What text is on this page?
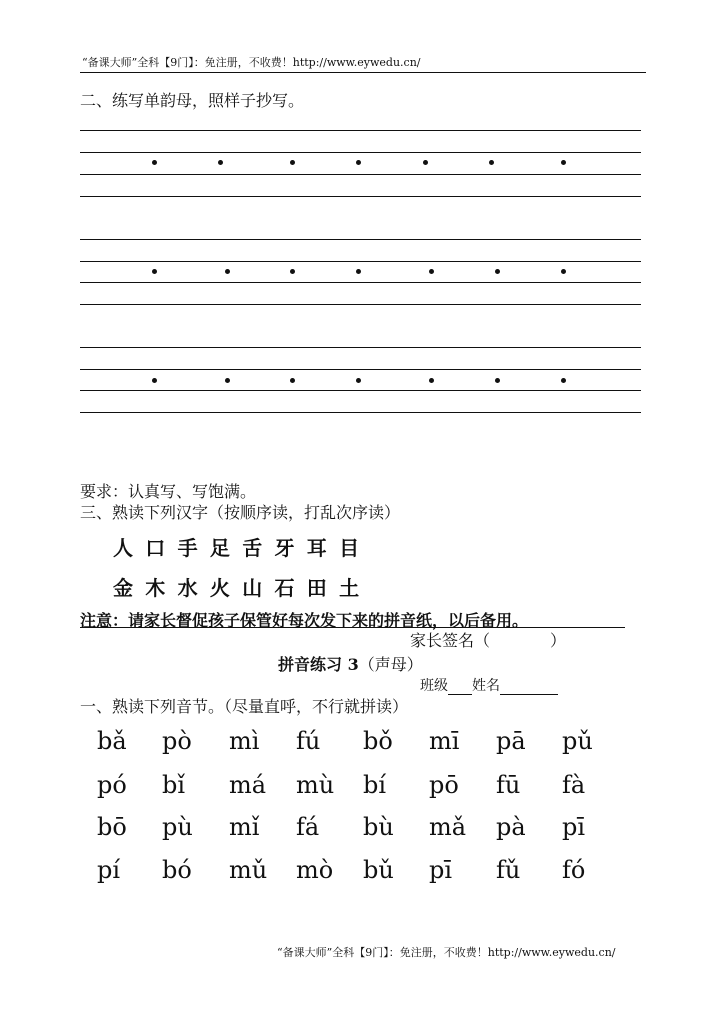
“备课大师”全科【9门】：免注册，不收费！http://www.eywedu.cn/
二、练写单韵母，照样子抄写。
要求：认真写、写饱满。
三、熟读下列汉字（按顺序读，打乱次序读）
人 口 手 足 舌 牙 耳 目
金 木 水 火 山 石 田 土
注意：请家长督促孩子保管好每次发下来的拼音纸，以后备用。
家长签名（	）
拼音练习 3（声母）
班级 姓名
一、熟读下列音节。（尽量直呼，不行就拼读）
bǎ pò mì fú bǒ mī pā pǔ
pó bǐ má mù bí pō fū fà
bō pù mǐ fá bù mǎ pà pī
pí bó mǔ mò bǔ pī fǔ fó
“备课大师”全科【9门】：免注册，不收费！http://www.eywedu.cn/
